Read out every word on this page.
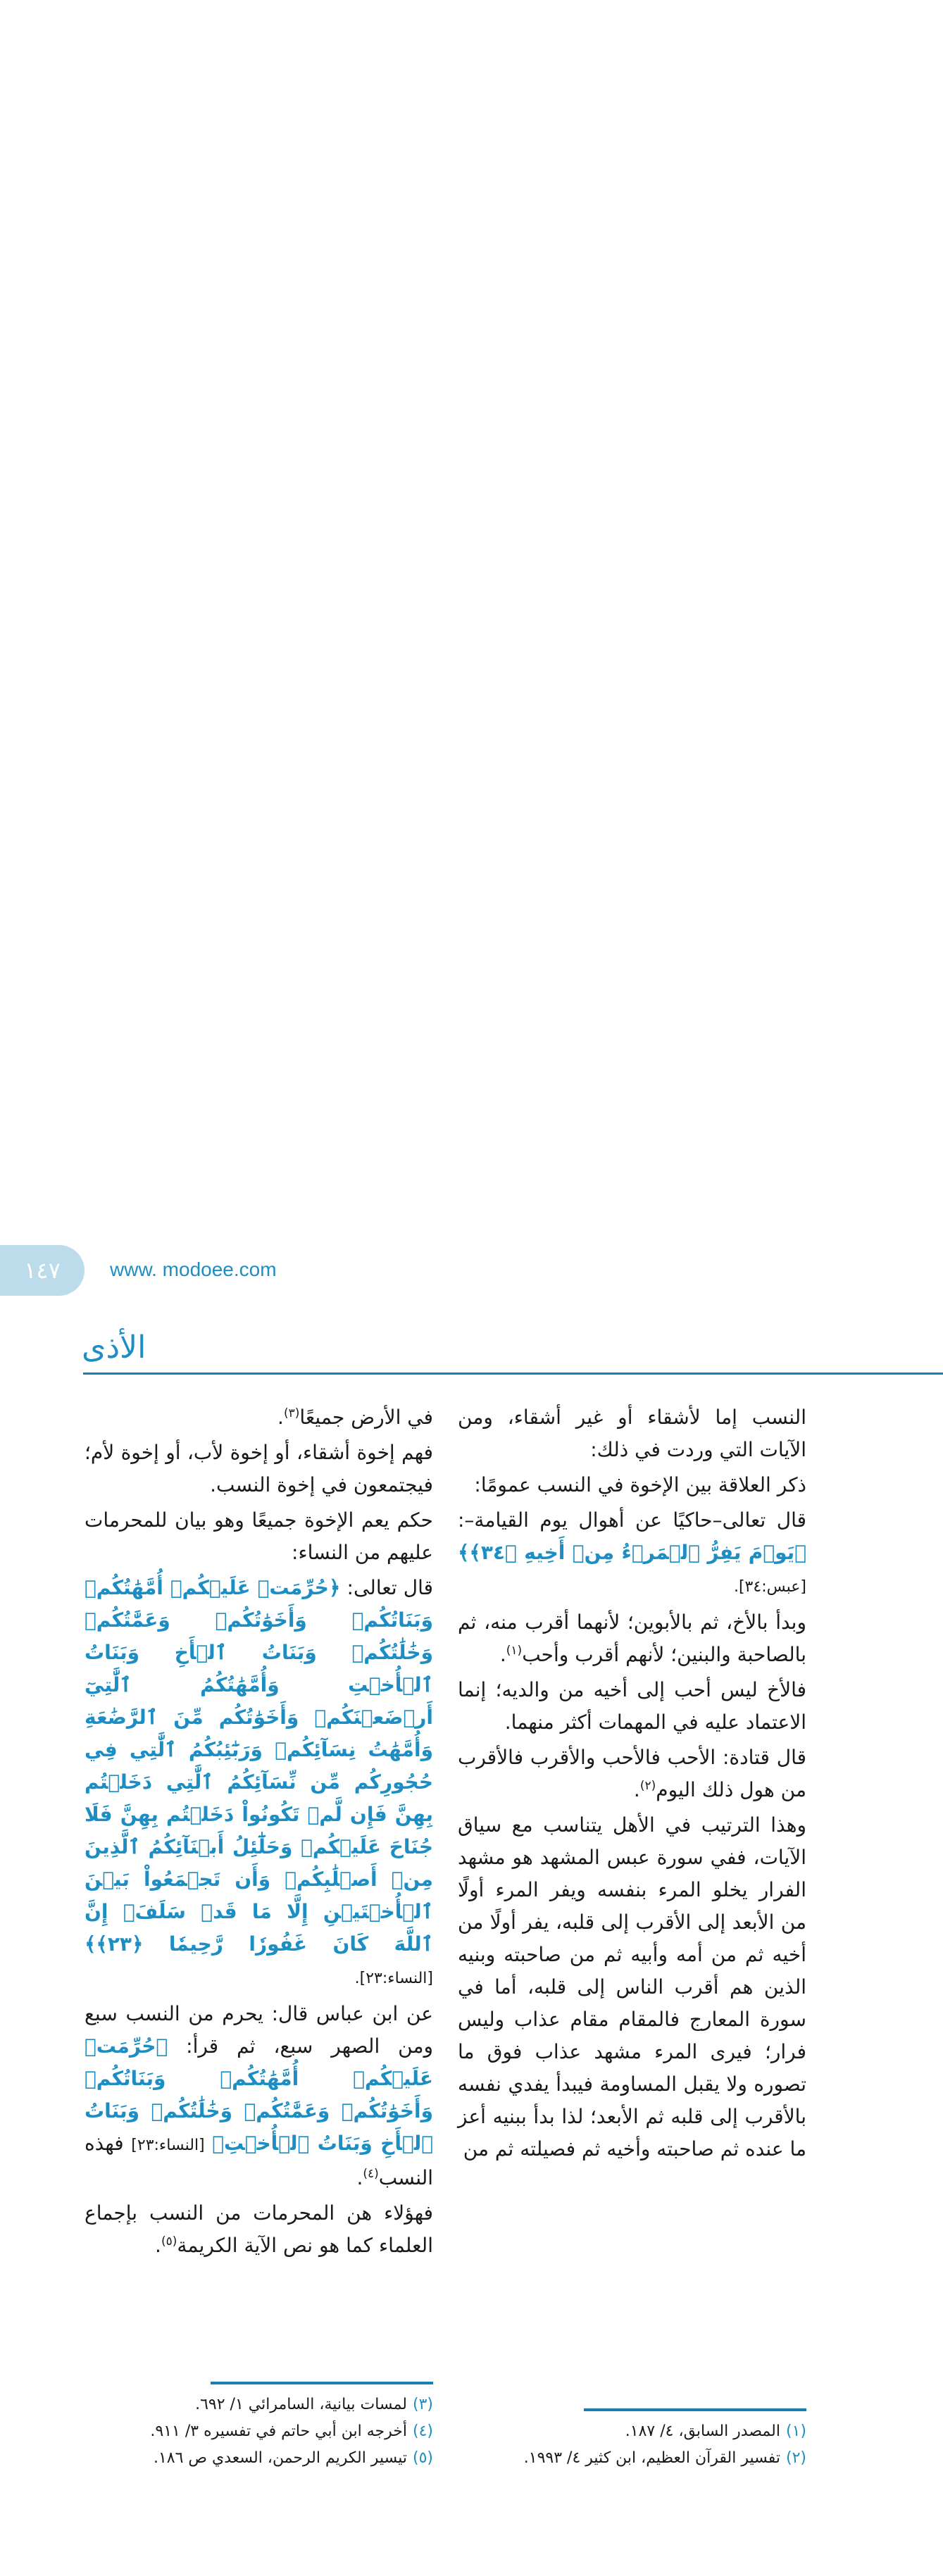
الأذى

النسب إما لأشقاء أو غير أشقاء، ومن الآيات التي وردت في ذلك:

ذكر العلاقة بين الإخوة في النسب عمومًا:

قال تعالى–حاكيًا عن أهوال يوم القيامة–: ﴿يَوۡمَ يَفِرُّ ٱلۡمَرۡءُ مِنۡ أَخِيهِ ﴿٣٤﴾﴾ [عبس:٣٤].

وبدأ بالأخ، ثم بالأبوين؛ لأنهما أقرب منه، ثم بالصاحبة والبنين؛ لأنهم أقرب وأحب$^{(١)}$.

فالأخ ليس أحب إلى أخيه من والديه؛ إنما الاعتماد عليه في المهمات أكثر منهما.

قال قتادة: الأحب فالأحب والأقرب فالأقرب من هول ذلك اليوم$^{(٢)}$.

وهذا الترتيب في الأهل يتناسب مع سياق الآيات، ففي سورة عبس المشهد هو مشهد الفرار يخلو المرء بنفسه ويفر المرء أولًا من الأبعد إلى الأقرب إلى قلبه، يفر أولًا من أخيه ثم من أمه وأبيه ثم من صاحبته وبنيه الذين هم أقرب الناس إلى قلبه، أما في سورة المعارج فالمقام مقام عذاب وليس فرار؛ فيرى المرء مشهد عذاب فوق ما تصوره ولا يقبل المساومة فيبدأ يفدي نفسه بالأقرب إلى قلبه ثم الأبعد؛ لذا بدأ ببنيه أعز ما عنده ثم صاحبته وأخيه ثم فصيلته ثم من

(١)المصدر السابق، ٤/ ١٨٧.
(٢)تفسير القرآن العظيم، ابن كثير ٤/ ١٩٩٣.

في الأرض جميعًا$^{(٣)}$.

فهم إخوة أشقاء، أو إخوة لأب، أو إخوة لأم؛ فيجتمعون في إخوة النسب.

حكم يعم الإخوة جميعًا وهو بيان للمحرمات عليهم من النساء:

قال تعالى: ﴿حُرِّمَتۡ عَلَيۡكُمۡ أُمَّهَٰتُكُمۡ وَبَنَاتُكُمۡ وَأَخَوَٰتُكُمۡ وَعَمَّٰتُكُمۡ وَخَٰلَٰتُكُمۡ وَبَنَاتُ ٱلۡأَخِ وَبَنَاتُ ٱلۡأُخۡتِ وَأُمَّهَٰتُكُمُ ٱلَّٰتِيٓ أَرۡضَعۡنَكُمۡ وَأَخَوَٰتُكُم مِّنَ ٱلرَّضَٰعَةِ وَأُمَّهَٰتُ نِسَآئِكُمۡ وَرَبَٰٓئِبُكُمُ ٱلَّٰتِي فِي حُجُورِكُم مِّن نِّسَآئِكُمُ ٱلَّٰتِي دَخَلۡتُم بِهِنَّ فَإِن لَّمۡ تَكُونُواْ دَخَلۡتُم بِهِنَّ فَلَا جُنَاحَ عَلَيۡكُمۡ وَحَلَٰٓئِلُ أَبۡنَآئِكُمُ ٱلَّذِينَ مِنۡ أَصۡلَٰبِكُمۡ وَأَن تَجۡمَعُواْ بَيۡنَ ٱلۡأُخۡتَيۡنِ إِلَّا مَا قَدۡ سَلَفَۗ إِنَّ ٱللَّهَ كَانَ غَفُورٗا رَّحِيمٗا ﴿٢٣﴾﴾ [النساء:٢٣].

عن ابن عباس قال: يحرم من النسب سبع ومن الصهر سبع، ثم قرأ: ﴿حُرِّمَتۡ عَلَيۡكُمۡ أُمَّهَٰتُكُمۡ وَبَنَاتُكُمۡ وَأَخَوَٰتُكُمۡ وَعَمَّٰتُكُمۡ وَخَٰلَٰتُكُمۡ وَبَنَاتُ ٱلۡأَخِ وَبَنَاتُ ٱلۡأُخۡتِ﴾ [النساء:٢٣] فهذه النسب$^{(٤)}$.

فهؤلاء هن المحرمات من النسب بإجماع العلماء كما هو نص الآية الكريمة$^{(٥)}$.

(٣)لمسات بيانية، السامرائي ١/ ٦٩٢.
(٤)أخرجه ابن أبي حاتم في تفسيره ٣/ ٩١١.
(٥)تيسير الكريم الرحمن، السعدي ص ١٨٦.
١٤٧	www. modoee.com
